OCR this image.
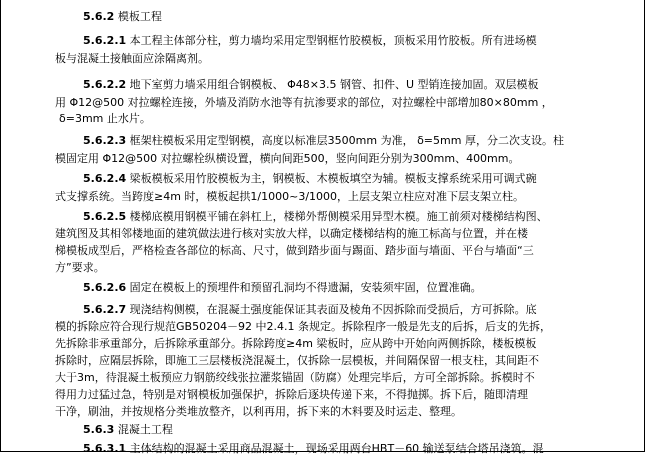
5.6.2 模板工程
5.6.2.1 本工程主体部分柱，剪力墙均采用定型钢框竹胶模板，顶板采用竹胶板。所有进场模
板与混凝土接触面应涂隔离剂。
5.6.2.2 地下室剪力墙采用组合钢模板、 Φ48×3.5 钢管、扣件、U 型销连接加固。双层模板
用 Φ12@500 对拉螺栓连接，外墙及消防水池等有抗渗要求的部位，对拉螺栓中部增加80×80mm ，
δ=3mm 止水片。
5.6.2.3 框架柱模板采用定型钢模，高度以标准层3500mm 为准， δ=5mm 厚，分二次支设。柱
模固定用 Φ12@500 对拉螺栓纵横设置，横向间距500，竖向间距分别为300mm、400mm。
5.6.2.4 梁板模板采用竹胶模板为主，钢模板、木模板填空为辅。模板支撑系统采用可调式碗
式支撑系统。当跨度≥4m 时，模板起拱1/1000~3/1000，上层支架立柱应对准下层支架立柱。
5.6.2.5 楼梯底模用钢模平铺在斜杠上，楼梯外帮侧模采用异型木模。施工前须对楼梯结构图、
建筑图及其相邻楼地面的建筑做法进行核对实放大样，以确定楼梯结构的施工标高与位置，并在楼
梯模板成型后，严格检查各部位的标高、尺寸，做到踏步面与踢面、踏步面与墙面、平台与墙面“三
方”要求。
5.6.2.6 固定在模板上的预埋件和预留孔洞均不得遗漏，安装须牢固，位置准确。
5.6.2.7 现浇结构侧模，在混凝土强度能保证其表面及棱角不因拆除而受损后，方可拆除。底
模的拆除应符合现行规范GB50204－92 中2.4.1 条规定。拆除程序一般是先支的后拆，后支的先拆，
先拆除非承重部分，后拆除承重部分。拆除跨度≥4m 梁板时，应从跨中开始向两侧拆除，楼板模板
拆除时，应隔层拆除，即施工三层楼板浇混凝土，仅拆除一层模板，并间隔保留一根支柱，其间距不
大于3m，待混凝土板预应力钢筋绞线张拉灌浆锚固（防腐）处理完毕后，方可全部拆除。拆模时不
得用力过猛过急，特别是对钢模板加强保护，拆除后逐块传递下来，不得抛掷。拆下后，随即清理
干净，刷油，并按规格分类堆放整齐，以利再用，拆下来的木料要及时运走、整理。
5.6.3 混凝土工程
5.6.3.1 主体结构的混凝土采用商品混凝土，现场采用两台HBT－60 输送泵结合塔吊浇筑。混
